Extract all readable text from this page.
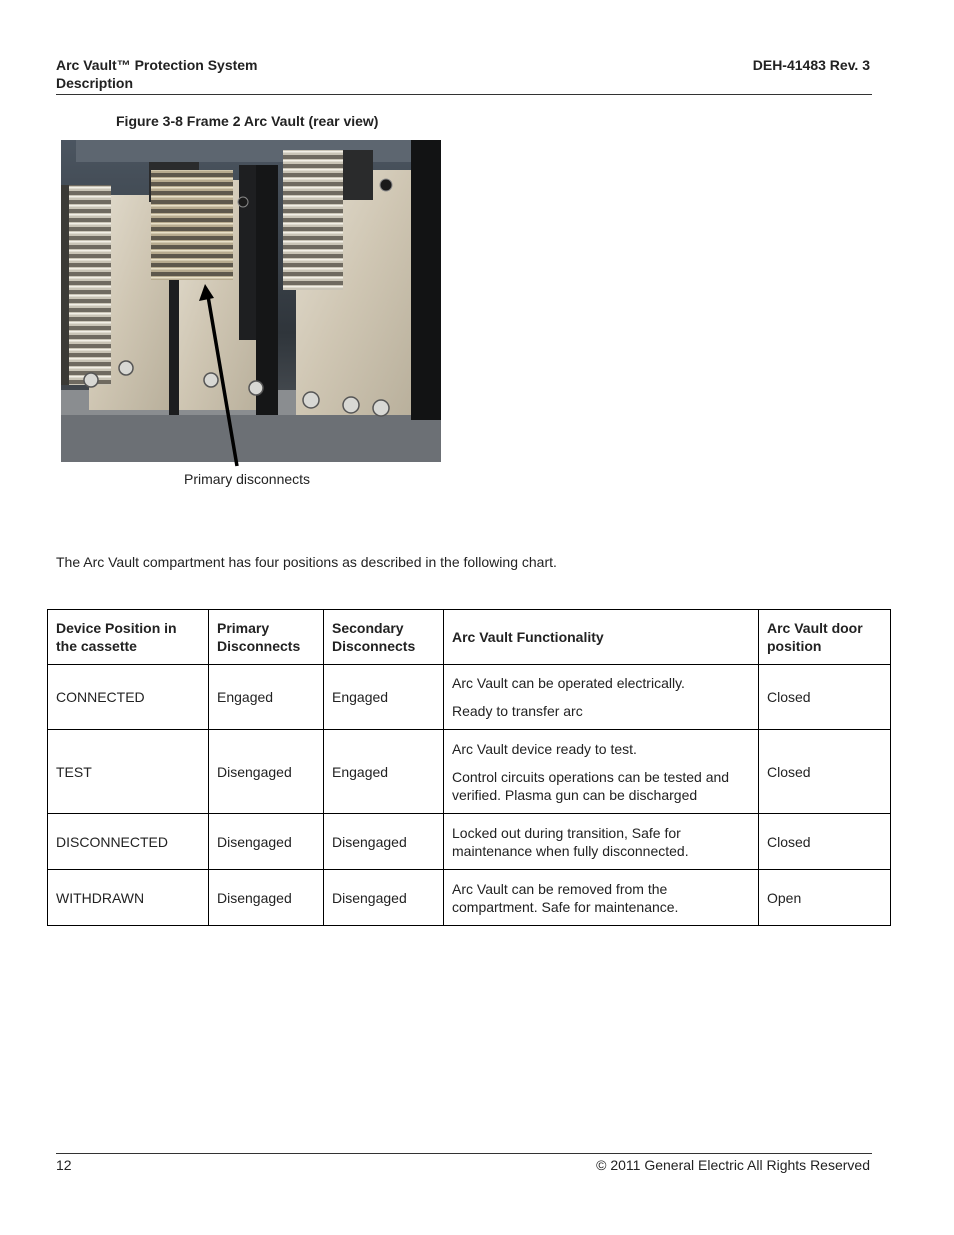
Arc Vault™ Protection System
Description
DEH-41483 Rev. 3
Figure 3-8 Frame 2 Arc Vault (rear view)
Primary disconnects
The Arc Vault compartment has four positions as described in the following chart.
Device Position in the cassette	Primary Disconnects	Secondary Disconnects	Arc Vault Functionality	Arc Vault door position
CONNECTED	Engaged	Engaged	Arc Vault can be operated electrically.

Ready to transfer arc	Closed
TEST	Disengaged	Engaged	Arc Vault device ready to test.

Control circuits operations can be tested and verified. Plasma gun can be discharged	Closed
DISCONNECTED	Disengaged	Disengaged	Locked out during transition, Safe for maintenance when fully disconnected.	Closed
WITHDRAWN	Disengaged	Disengaged	Arc Vault can be removed from the compartment. Safe for maintenance.	Open
12	© 2011 General Electric All Rights Reserved
